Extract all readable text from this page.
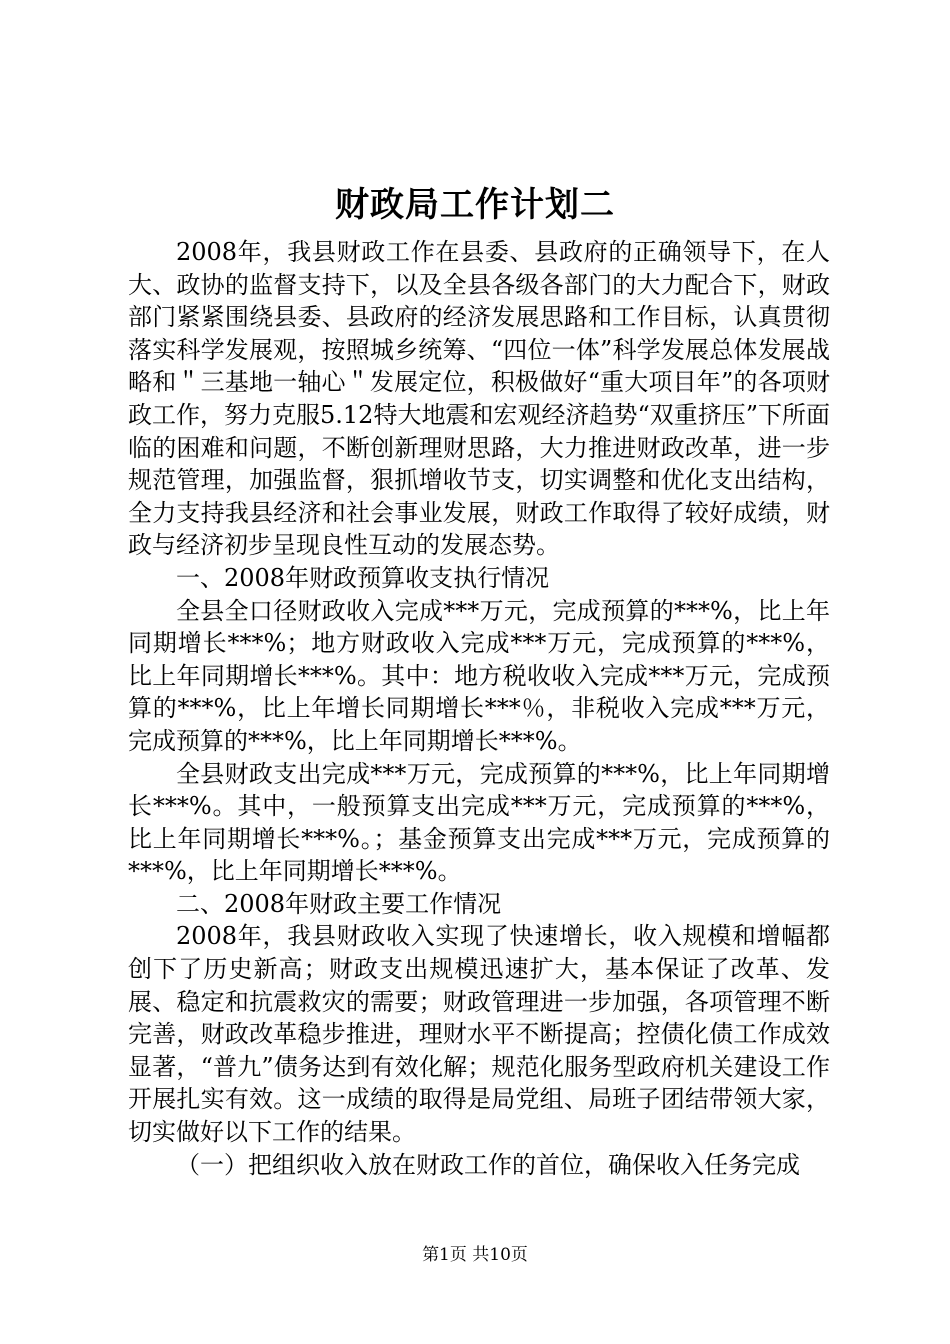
财政局工作计划二

2008年，我县财政工作在县委、县政府的正确领导下，在人大、政协的监督支持下，以及全县各级各部门的大力配合下，财政部门紧紧围绕县委、县政府的经济发展思路和工作目标，认真贯彻落实科学发展观，按照城乡统筹、“四位一体”科学发展总体发展战略和＂三基地一轴心＂发展定位，积极做好“重大项目年”的各项财政工作，努力克服5.12特大地震和宏观经济趋势“双重挤压”下所面临的困难和问题，不断创新理财思路，大力推进财政改革，进一步规范管理，加强监督，狠抓增收节支，切实调整和优化支出结构，全力支持我县经济和社会事业发展，财政工作取得了较好成绩，财政与经济初步呈现良性互动的发展态势。

一、2008年财政预算收支执行情况

全县全口径财政收入完成***万元，完成预算的***%，比上年同期增长***%；地方财政收入完成***万元，完成预算的***%，比上年同期增长***%。其中：地方税收收入完成***万元，完成预算的***%，比上年增长同期增长***％，非税收入完成***万元，完成预算的***%，比上年同期增长***%。

全县财政支出完成***万元，完成预算的***%，比上年同期增长***%。其中，一般预算支出完成***万元，完成预算的***%，比上年同期增长***%。；基金预算支出完成***万元，完成预算的***%，比上年同期增长***%。

二、2008年财政主要工作情况

2008年，我县财政收入实现了快速增长，收入规模和增幅都创下了历史新高；财政支出规模迅速扩大，基本保证了改革、发展、稳定和抗震救灾的需要；财政管理进一步加强，各项管理不断完善，财政改革稳步推进，理财水平不断提高；控债化债工作成效显著，“普九”债务达到有效化解；规范化服务型政府机关建设工作开展扎实有效。这一成绩的取得是局党组、局班子团结带领大家，切实做好以下工作的结果。

（一）把组织收入放在财政工作的首位，确保收入任务完成

第1页 共10页
